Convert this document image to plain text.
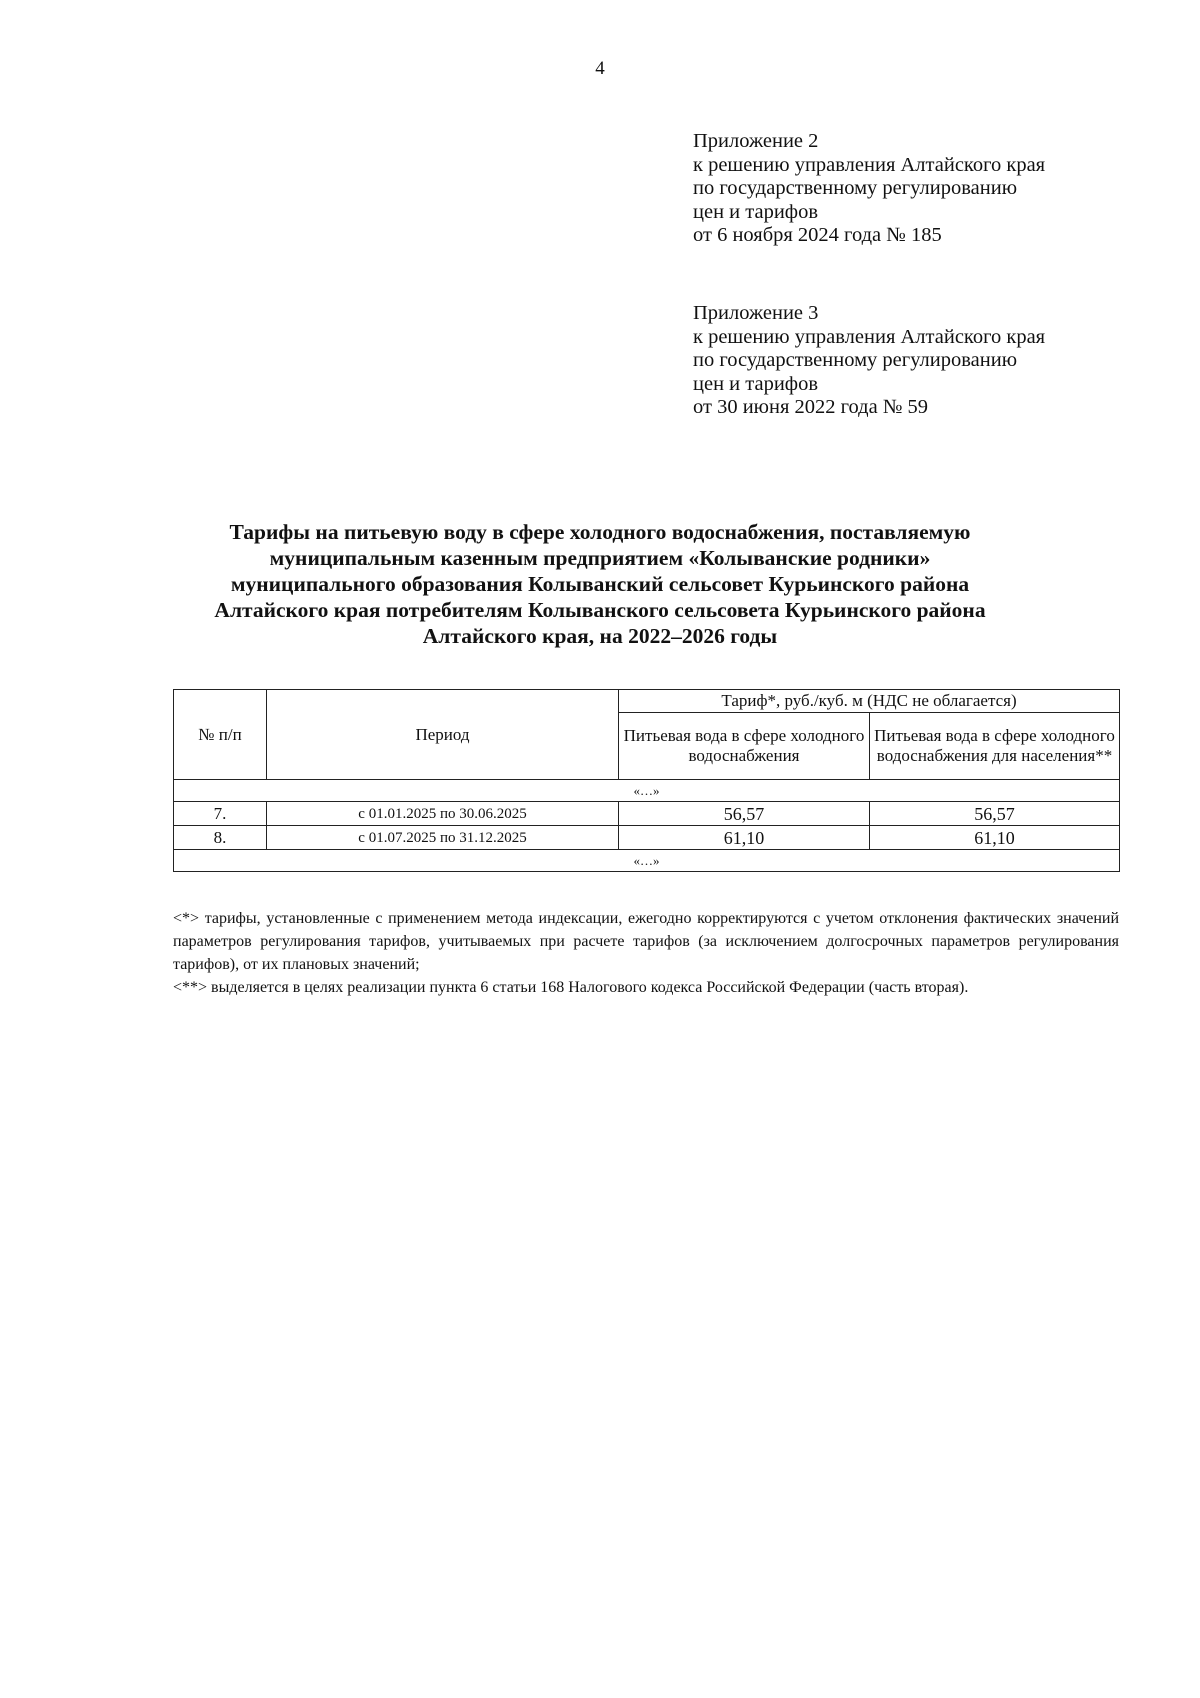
4
Приложение 2
к решению управления Алтайского края
по государственному регулированию
цен и тарифов
от 6 ноября 2024 года № 185
Приложение 3
к решению управления Алтайского края
по государственному регулированию
цен и тарифов
от 30 июня 2022 года № 59
Тарифы на питьевую воду в сфере холодного водоснабжения, поставляемую
муниципальным казенным предприятием «Колыванские родники»
муниципального образования Колыванский сельсовет Курьинского района
Алтайского края потребителям Колыванского сельсовета Курьинского района
Алтайского края, на 2022–2026 годы
№ п/п	Период	Тариф*, руб./куб. м (НДС не облагается)	
		Питьевая вода в сфере холодного водоснабжения	Питьевая вода в сфере холодного водоснабжения для населения**
«…»			
7.	с 01.01.2025 по 30.06.2025	56,57	56,57
8.	с 01.07.2025 по 31.12.2025	61,10	61,10
«…»			

<*> тарифы, установленные с применением метода индексации, ежегодно корректируются с учетом отклонения фактических значений параметров регулирования тарифов, учитываемых при расчете тарифов (за исключением долгосрочных параметров регулирования тарифов), от их плановых значений;

<**> выделяется в целях реализации пункта 6 статьи 168 Налогового кодекса Российской Федерации (часть вторая).
